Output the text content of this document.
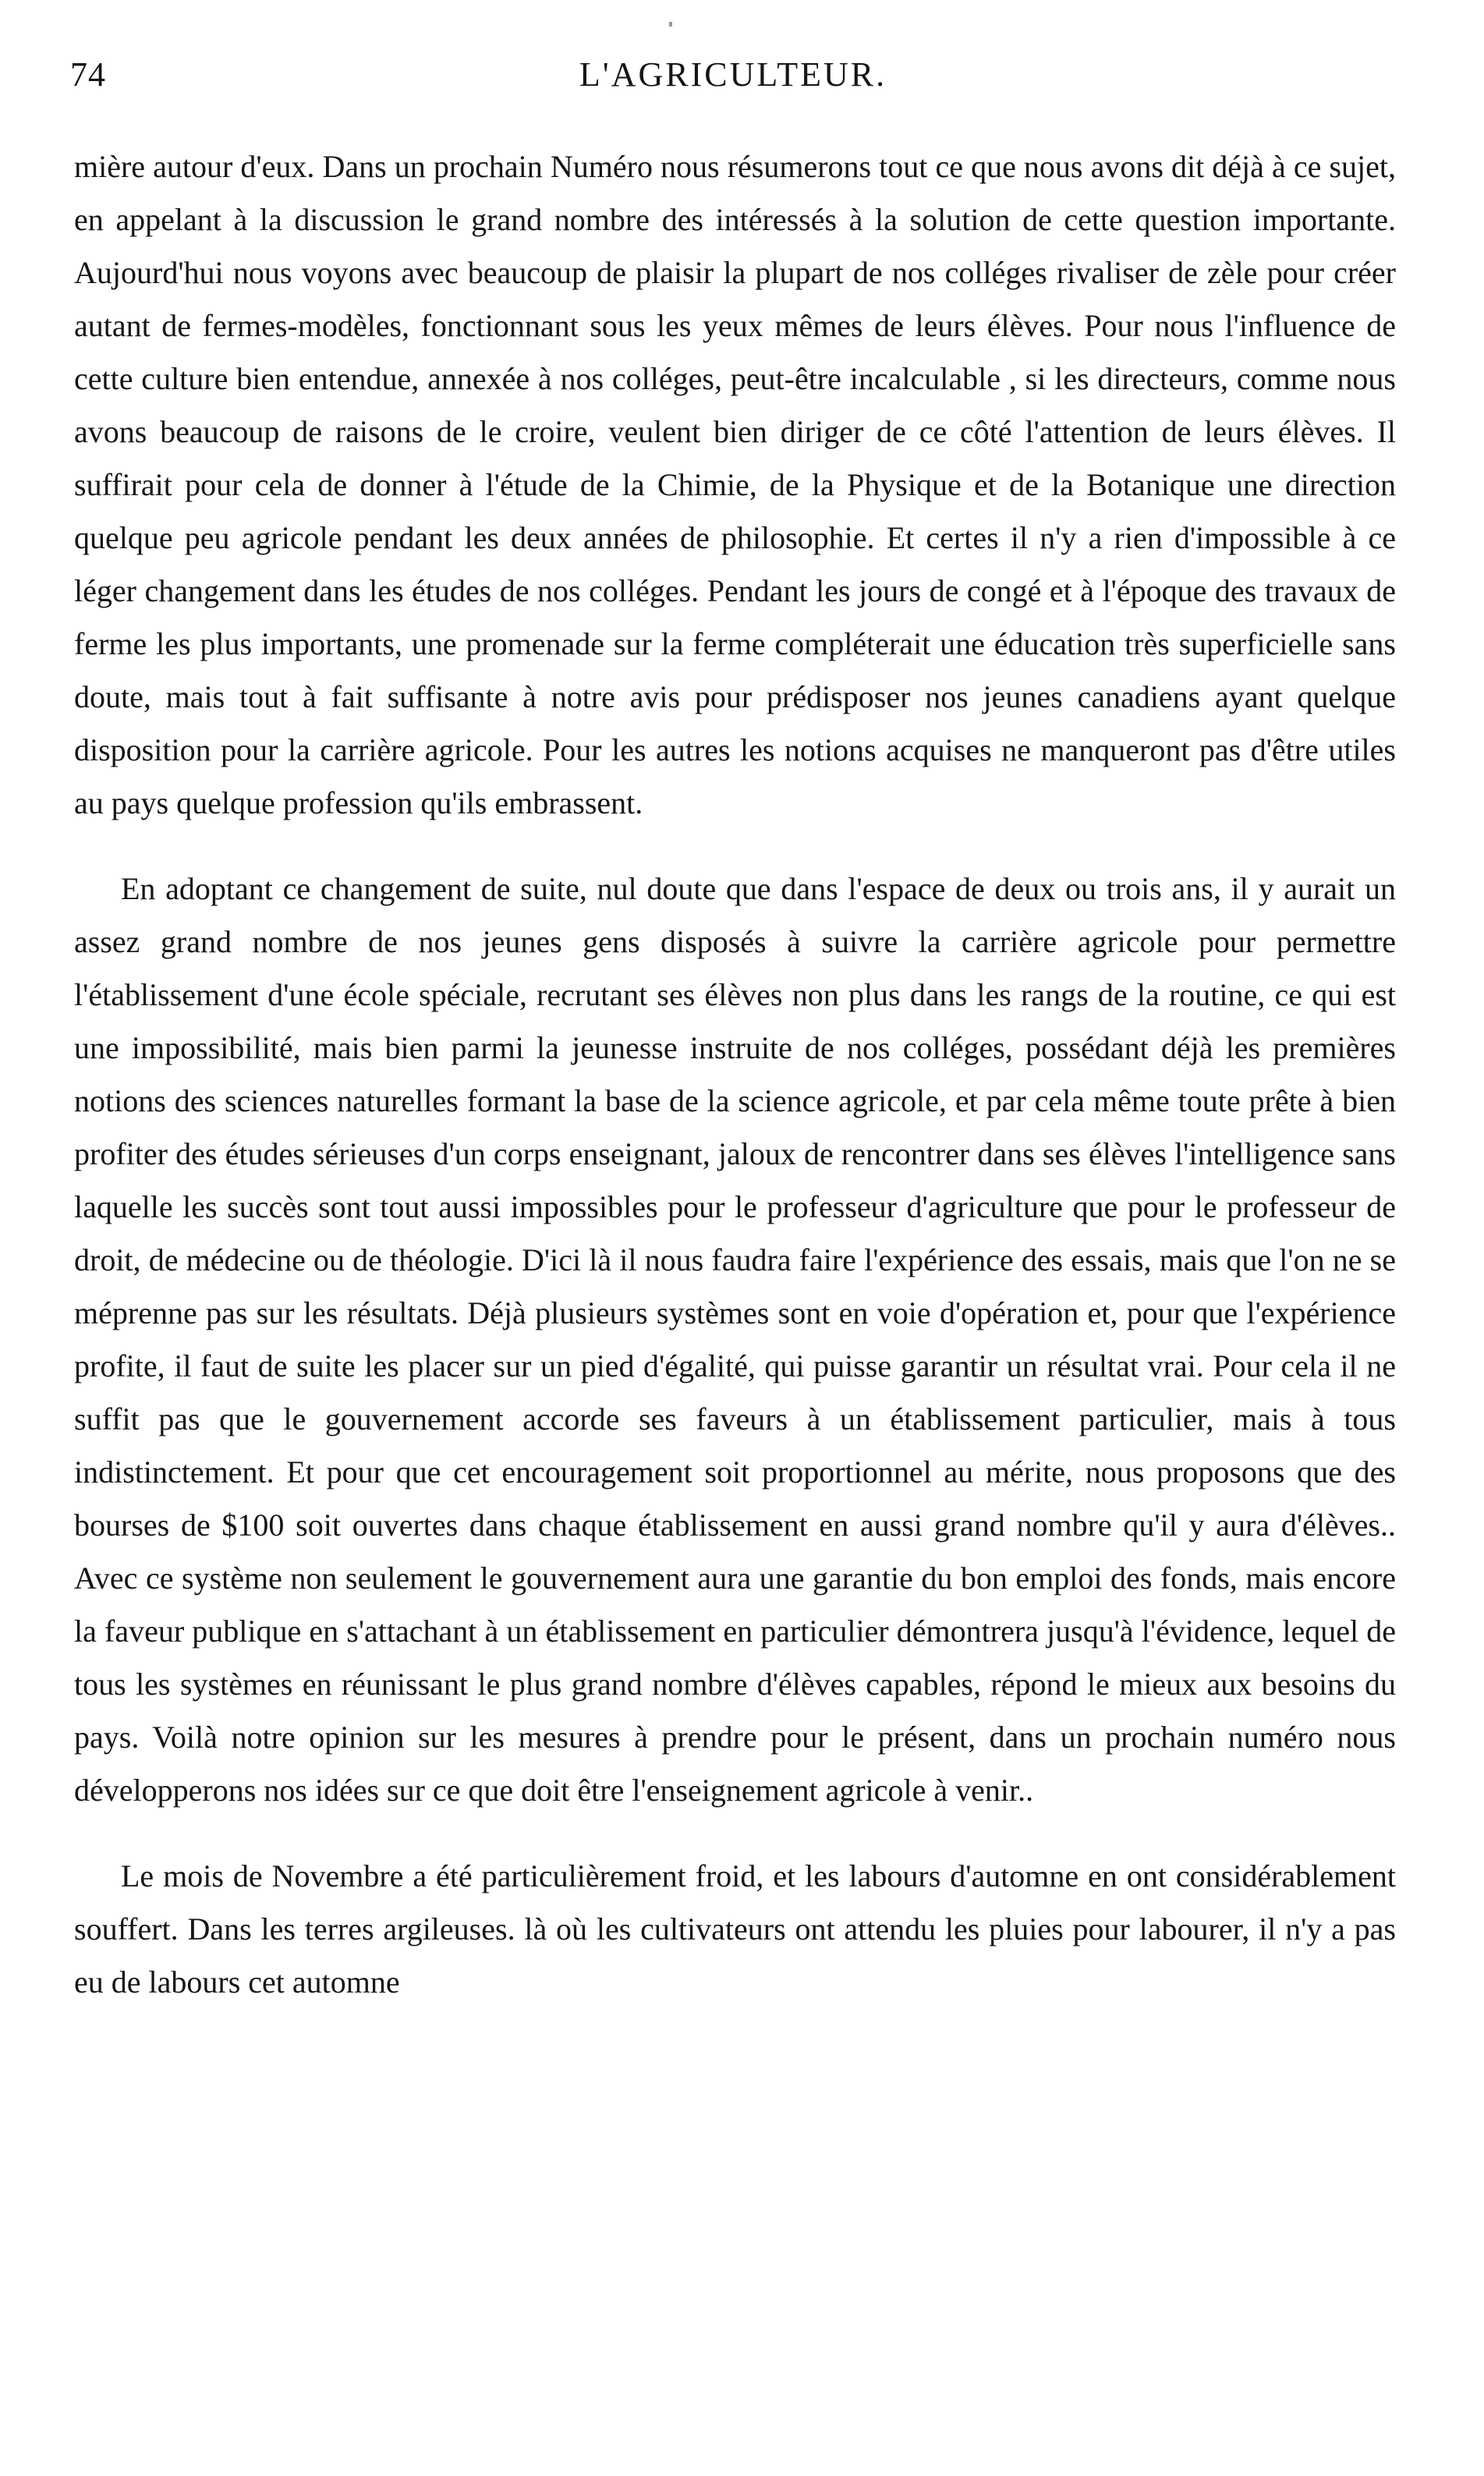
74	L'AGRICULTEUR.

mière autour d'eux. Dans un prochain Numéro nous résumerons tout ce que nous avons dit déjà à ce sujet, en appelant à la discussion le grand nombre des intéressés à la solution de cette question importante. Aujourd'hui nous voyons avec beaucoup de plaisir la plupart de nos colléges rivaliser de zèle pour créer autant de fermes-modèles, fonctionnant sous les yeux mêmes de leurs élèves. Pour nous l'influence de cette culture bien entendue, annexée à nos colléges, peut-être incalculable , si les directeurs, comme nous avons beaucoup de raisons de le croire, veulent bien diriger de ce côté l'attention de leurs élèves. Il suffirait pour cela de donner à l'étude de la Chimie, de la Physique et de la Botanique une direction quelque peu agricole pendant les deux années de philosophie. Et certes il n'y a rien d'impossible à ce léger changement dans les études de nos colléges. Pendant les jours de congé et à l'époque des travaux de ferme les plus importants, une promenade sur la ferme compléterait une éducation très superficielle sans doute, mais tout à fait suffisante à notre avis pour prédisposer nos jeunes canadiens ayant quelque disposition pour la carrière agricole. Pour les autres les notions acquises ne manqueront pas d'être utiles au pays quelque profession qu'ils embrassent.

En adoptant ce changement de suite, nul doute que dans l'espace de deux ou trois ans, il y aurait un assez grand nombre de nos jeunes gens disposés à suivre la carrière agricole pour permettre l'établissement d'une école spéciale, recrutant ses élèves non plus dans les rangs de la routine, ce qui est une impossibilité, mais bien parmi la jeunesse instruite de nos colléges, possédant déjà les premières notions des sciences naturelles formant la base de la science agricole, et par cela même toute prête à bien profiter des études sérieuses d'un corps enseignant, jaloux de rencontrer dans ses élèves l'intelligence sans laquelle les succès sont tout aussi impossibles pour le professeur d'agriculture que pour le professeur de droit, de médecine ou de théologie. D'ici là il nous faudra faire l'expérience des essais, mais que l'on ne se méprenne pas sur les résultats. Déjà plusieurs systèmes sont en voie d'opération et, pour que l'expérience profite, il faut de suite les placer sur un pied d'égalité, qui puisse garantir un résultat vrai. Pour cela il ne suffit pas que le gouvernement accorde ses faveurs à un établissement particulier, mais à tous indistinctement. Et pour que cet encouragement soit proportionnel au mérite, nous proposons que des bourses de $100 soit ouvertes dans chaque établissement en aussi grand nombre qu'il y aura d'élèves.. Avec ce système non seulement le gouvernement aura une garantie du bon emploi des fonds, mais encore la faveur publique en s'attachant à un établissement en particulier démontrera jusqu'à l'évidence, lequel de tous les systèmes en réunissant le plus grand nombre d'élèves capables, répond le mieux aux besoins du pays. Voilà notre opinion sur les mesures à prendre pour le présent, dans un prochain numéro nous développerons nos idées sur ce que doit être l'enseignement agricole à venir..

Le mois de Novembre a été particulièrement froid, et les labours d'automne en ont considérablement souffert. Dans les terres argileuses. là où les cultivateurs ont attendu les pluies pour labourer, il n'y a pas eu de labours cet automne
